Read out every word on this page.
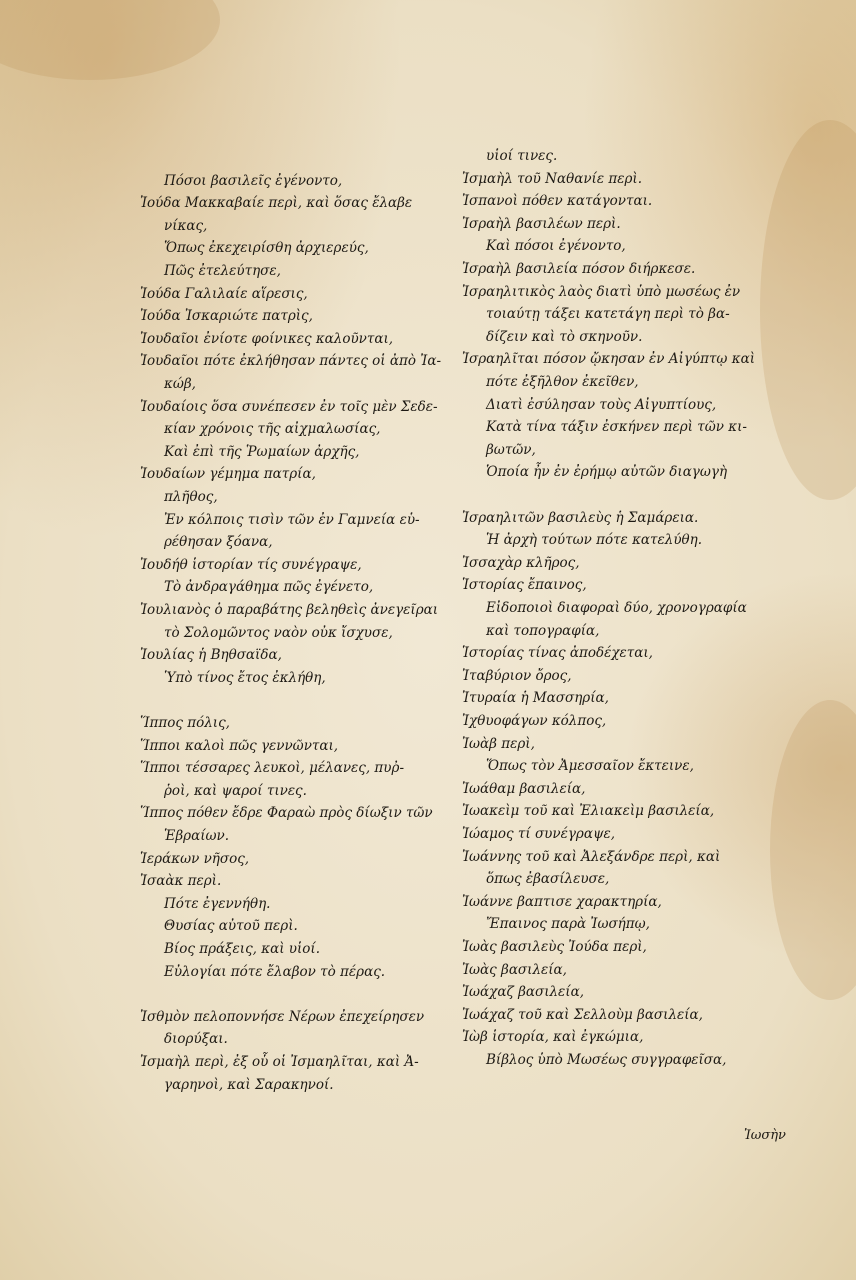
Πόσοι βασιλεῖς ἐγένοντο,
Ἰούδα Μακκαβαίε περὶ, καὶ ὅσας ἔλαβε
νίκας,
Ὅπως ἐκεχειρίσθη ἀρχιερεύς,
Πῶς ἐτελεύτησε,
Ἰούδα Γαλιλαίε αἵρεσις,
Ἰούδα Ἰσκαριώτε πατρὶς,
Ἰουδαῖοι ἐνίοτε φοίνικες καλοῦνται,
Ἰουδαῖοι πότε ἐκλήθησαν πάντες οἱ ἀπὸ Ἰα-
κώβ,
Ἰουδαίοις ὅσα συνέπεσεν ἐν τοῖς μὲν Σεδε-
κίαν χρόνοις τῆς αἰχμαλωσίας,
Καὶ ἐπὶ τῆς Ῥωμαίων ἀρχῆς,
Ἰουδαίων γέμημα πατρία,
πλῆθος,
Ἐν κόλποις τισὶν τῶν ἐν Γαμνεία εὑ-
ρέθησαν ξόανα,
Ἰουδήθ ἱστορίαν τίς συνέγραψε,
Τὸ ἀνδραγάθημα πῶς ἐγένετο,
Ἰουλιανὸς ὁ παραβάτης βεληθεὶς ἀνεγεῖραι
τὸ Σολομῶντος ναὸν οὐκ ἴσχυσε,
Ἰουλίας ἡ Βηθσαϊδα,
Ὑπὸ τίνος ἔτος ἐκλήθη,
Ἵππος πόλις,
Ἵπποι καλοὶ πῶς γεννῶνται,
Ἵπποι τέσσαρες λευκοὶ, μέλανες, πυῤ-
ῥοὶ, καὶ ψαροί τινες.
Ἵππος πόθεν ἔδρε Φαραὼ πρὸς δίωξιν τῶν
Ἑβραίων.
Ἱεράκων νῆσος,
Ἰσαὰκ περὶ.
Πότε ἐγεννήθη.
Θυσίας αὐτοῦ περὶ.
Βίος πράξεις, καὶ υἱοί.
Εὐλογίαι πότε ἔλαβον τὸ πέρας.
Ἰσθμὸν πελοποννήσε Νέρων ἐπεχείρησεν
διορύξαι.
Ἰσμαὴλ περὶ, ἐξ οὗ οἱ Ἰσμαηλῖται, καὶ Ἀ-
γαρηνοὶ, καὶ Σαρακηνοί.
υἱοί τινες.
Ἰσμαὴλ τοῦ Ναθανίε περὶ.
Ἰσπανοὶ πόθεν κατάγονται.
Ἰσραὴλ βασιλέων περὶ.
Καὶ πόσοι ἐγένοντο,
Ἰσραὴλ βασιλεία πόσον διήρκεσε.
Ἰσραηλιτικὸς λαὸς διατὶ ὑπὸ μωσέως ἐν
τοιαύτῃ τάξει κατετάγη περὶ τὸ βα-
δίζειν καὶ τὸ σκηνοῦν.
Ἰσραηλῖται πόσον ᾤκησαν ἐν Αἰγύπτῳ καὶ
πότε ἐξῆλθον ἐκεῖθεν,
Διατὶ ἐσύλησαν τοὺς Αἰγυπτίους,
Κατὰ τίνα τάξιν ἐσκήνεν περὶ τῶν κι-
βωτῶν,
Ὁποία ἦν ἐν ἐρήμῳ αὐτῶν διαγωγὴ
Ἰσραηλιτῶν βασιλεὺς ἡ Σαμάρεια.
Ἡ ἀρχὴ τούτων πότε κατελύθη.
Ἰσσαχὰρ κλῆρος,
Ἱστορίας ἔπαινος,
Εἰδοποιοὶ διαφοραὶ δύο, χρονογραφία
καὶ τοπογραφία,
Ἱστορίας τίνας ἀποδέχεται,
Ἰταβύριον ὄρος,
Ἰτυραία ἡ Μασσηρία,
Ἰχθυοφάγων κόλπος,
Ἰωὰβ περὶ,
Ὅπως τὸν Ἀμεσσαῖον ἔκτεινε,
Ἰωάθαμ βασιλεία,
Ἰωακεὶμ τοῦ καὶ Ἐλιακεὶμ βασιλεία,
Ἰώαμος τί συνέγραψε,
Ἰωάννης τοῦ καὶ Ἀλεξάνδρε περὶ, καὶ
ὅπως ἐβασίλευσε,
Ἰωάννε βαπτισε χαρακτηρία,
Ἔπαινος παρὰ Ἰωσήπῳ,
Ἰωὰς βασιλεὺς Ἰούδα περὶ,
Ἰωὰς βασιλεία,
Ἰωάχαζ βασιλεία,
Ἰωάχαζ τοῦ καὶ Σελλοὺμ βασιλεία,
Ἰὼβ ἱστορία, καὶ ἐγκώμια,
Βίβλος ὑπὸ Μωσέως συγγραφεῖσα,
Ἰωσὴν
